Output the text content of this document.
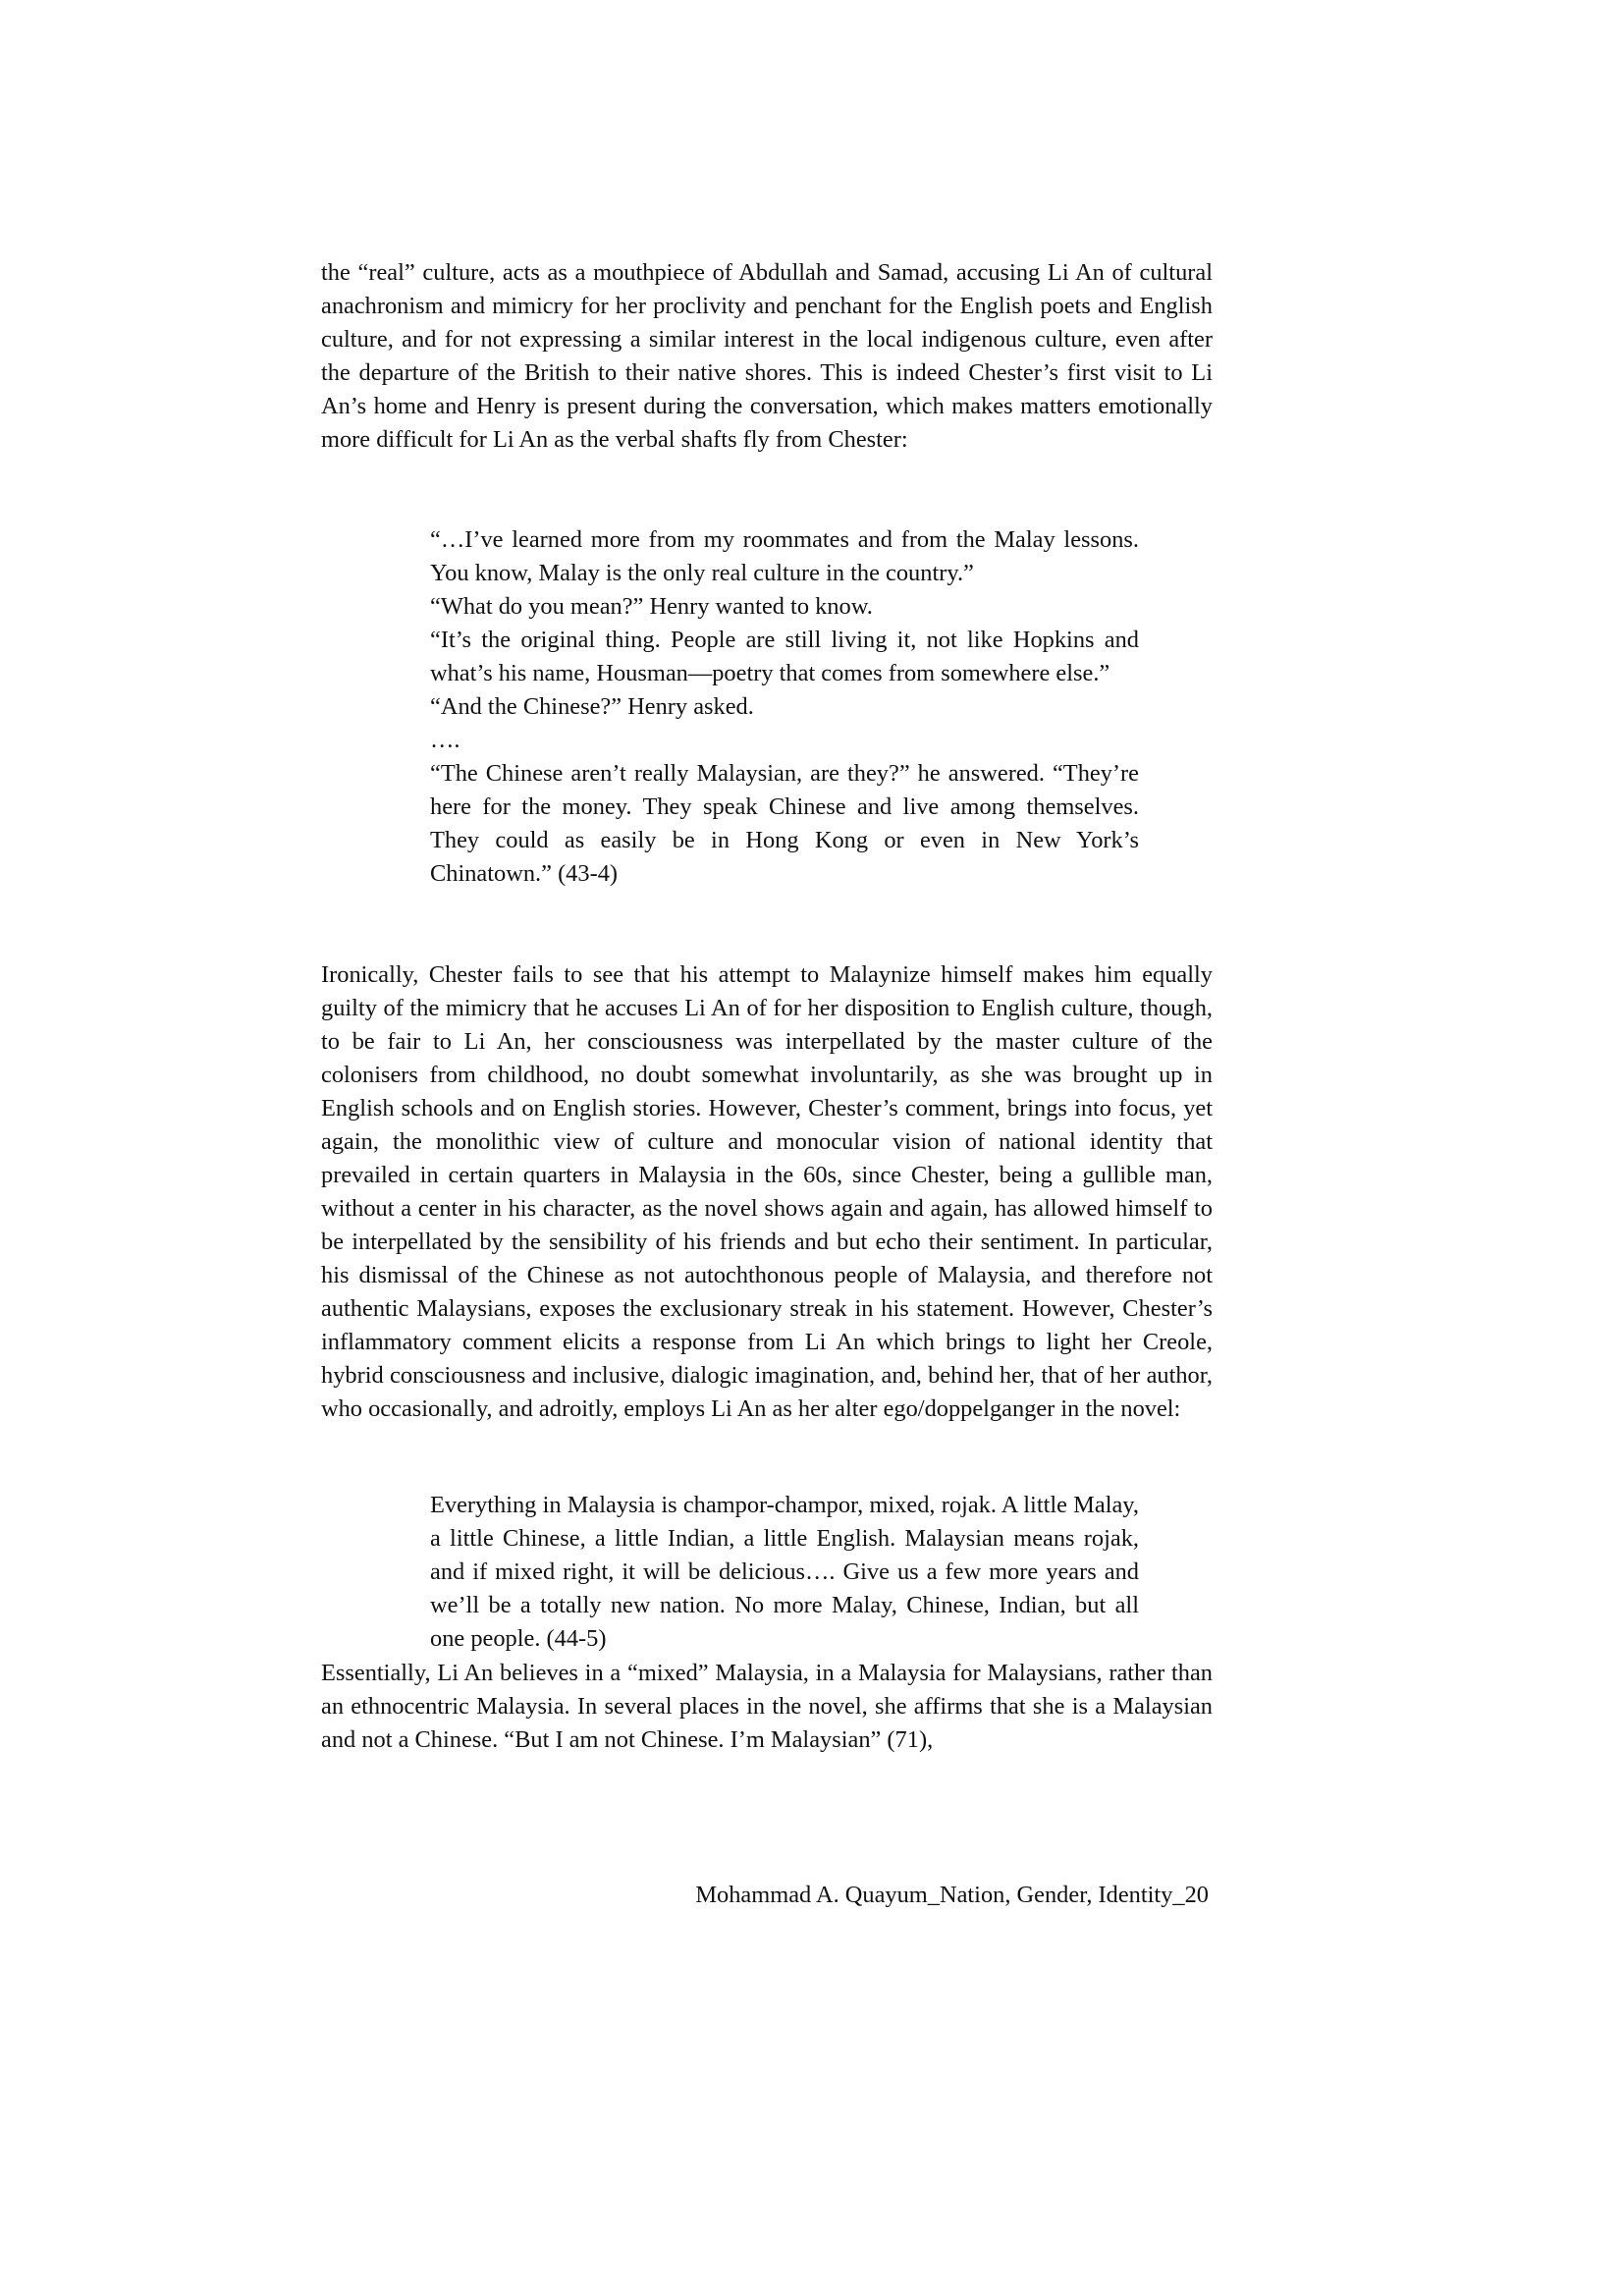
the “real” culture, acts as a mouthpiece of Abdullah and Samad, accusing Li An of cultural anachronism and mimicry for her proclivity and penchant for the English poets and English culture, and for not expressing a similar interest in the local indigenous culture, even after the departure of the British to their native shores. This is indeed Chester’s first visit to Li An’s home and Henry is present during the conversation, which makes matters emotionally more difficult for Li An as the verbal shafts fly from Chester:

“…I’ve learned more from my roommates and from the Malay lessons. You know, Malay is the only real culture in the country.”
“What do you mean?” Henry wanted to know.
“It’s the original thing. People are still living it, not like Hopkins and what’s his name, Housman—poetry that comes from somewhere else.”
“And the Chinese?” Henry asked.
….
“The Chinese aren’t really Malaysian, are they?” he answered. “They’re here for the money. They speak Chinese and live among themselves. They could as easily be in Hong Kong or even in New York’s Chinatown.” (43-4)

Ironically, Chester fails to see that his attempt to Malaynize himself makes him equally guilty of the mimicry that he accuses Li An of for her disposition to English culture, though, to be fair to Li An, her consciousness was interpellated by the master culture of the colonisers from childhood, no doubt somewhat involuntarily, as she was brought up in English schools and on English stories. However, Chester’s comment, brings into focus, yet again, the monolithic view of culture and monocular vision of national identity that prevailed in certain quarters in Malaysia in the 60s, since Chester, being a gullible man, without a center in his character, as the novel shows again and again, has allowed himself to be interpellated by the sensibility of his friends and but echo their sentiment. In particular, his dismissal of the Chinese as not autochthonous people of Malaysia, and therefore not authentic Malaysians, exposes the exclusionary streak in his statement. However, Chester’s inflammatory comment elicits a response from Li An which brings to light her Creole, hybrid consciousness and inclusive, dialogic imagination, and, behind her, that of her author, who occasionally, and adroitly, employs Li An as her alter ego/doppelganger in the novel:

Everything in Malaysia is champor-champor, mixed, rojak. A little Malay, a little Chinese, a little Indian, a little English. Malaysian means rojak, and if mixed right, it will be delicious…. Give us a few more years and we’ll be a totally new nation. No more Malay, Chinese, Indian, but all one people. (44-5)

Essentially, Li An believes in a “mixed” Malaysia, in a Malaysia for Malaysians, rather than an ethnocentric Malaysia. In several places in the novel, she affirms that she is a Malaysian and not a Chinese. “But I am not Chinese. I’m Malaysian” (71),

Mohammad A. Quayum_Nation, Gender, Identity_20
